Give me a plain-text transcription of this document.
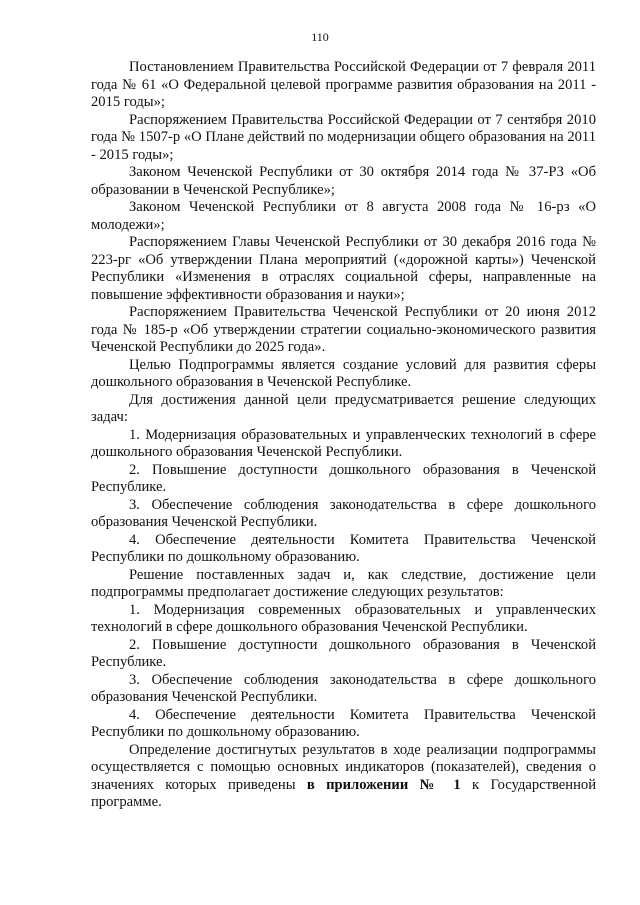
110

Постановлением Правительства Российской Федерации от 7 февраля 2011 года № 61 «О Федеральной целевой программе развития образования на 2011 - 2015 годы»;

Распоряжением Правительства Российской Федерации от 7 сентября 2010 года № 1507-р «О Плане действий по модернизации общего образования на 2011 - 2015 годы»;

Законом Чеченской Республики от 30 октября 2014 года № 37-РЗ «Об образовании в Чеченской Республике»;

Законом Чеченской Республики от 8 августа 2008 года № 16-рз «О молодежи»;

Распоряжением Главы Чеченской Республики от 30 декабря 2016 года № 223-рг «Об утверждении Плана мероприятий («дорожной карты») Чеченской Республики «Изменения в отраслях социальной сферы, направленные на повышение эффективности образования и науки»;

Распоряжением Правительства Чеченской Республики от 20 июня 2012 года № 185-р «Об утверждении стратегии социально-экономического развития Чеченской Республики до 2025 года».

Целью Подпрограммы является создание условий для развития сферы дошкольного образования в Чеченской Республике.

Для достижения данной цели предусматривается решение следующих задач:

1. Модернизация образовательных и управленческих технологий в сфере дошкольного образования Чеченской Республики.

2. Повышение доступности дошкольного образования в Чеченской Республике.

3. Обеспечение соблюдения законодательства в сфере дошкольного образования Чеченской Республики.

4. Обеспечение деятельности Комитета Правительства Чеченской Республики по дошкольному образованию.

Решение поставленных задач и, как следствие, достижение цели подпрограммы предполагает достижение следующих результатов:

1. Модернизация современных образовательных и управленческих технологий в сфере дошкольного образования Чеченской Республики.

2. Повышение доступности дошкольного образования в Чеченской Республике.

3. Обеспечение соблюдения законодательства в сфере дошкольного образования Чеченской Республики.

4. Обеспечение деятельности Комитета Правительства Чеченской Республики по дошкольному образованию.

Определение достигнутых результатов в ходе реализации подпрограммы осуществляется с помощью основных индикаторов (показателей), сведения о значениях которых приведены в приложении № 1 к Государственной программе.
